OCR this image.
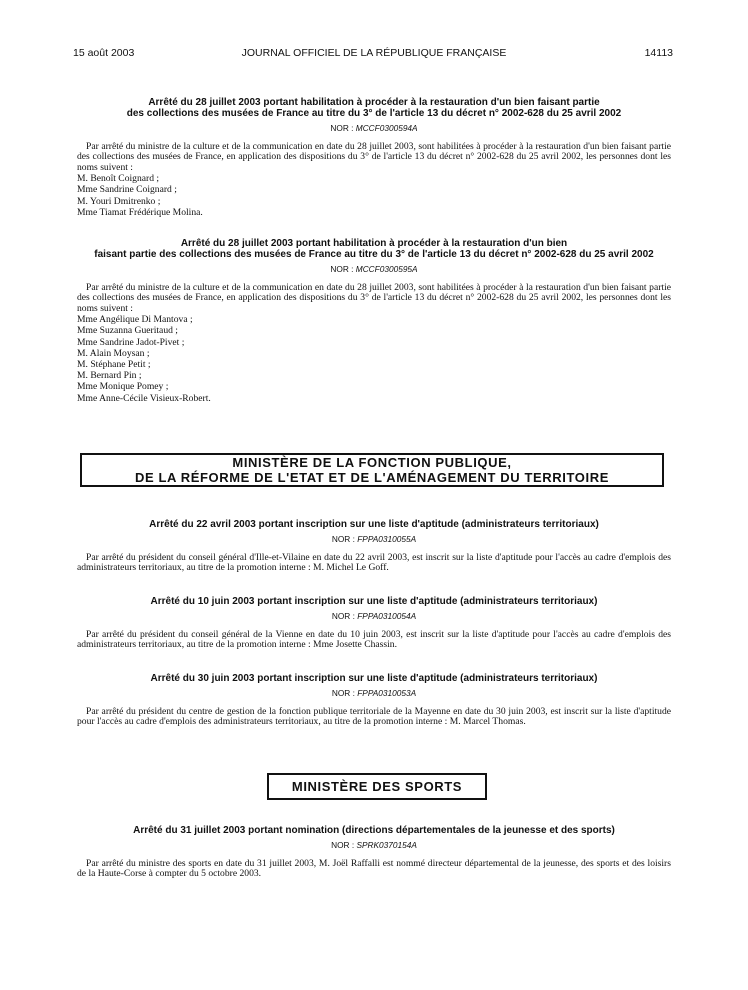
15 août 2003	JOURNAL OFFICIEL DE LA RÉPUBLIQUE FRANÇAISE	14113
Arrêté du 28 juillet 2003 portant habilitation à procéder à la restauration d'un bien faisant partie
des collections des musées de France au titre du 3° de l'article 13 du décret n° 2002-628 du 25 avril 2002
NOR : MCCF0300594A
Par arrêté du ministre de la culture et de la communication en date du 28 juillet 2003, sont habilitées à procéder à la restauration d'un bien faisant partie des collections des musées de France, en application des dispositions du 3° de l'article 13 du décret n° 2002-628 du 25 avril 2002, les personnes dont les noms suivent :
M. Benoît Coignard ;
Mme Sandrine Coignard ;
M. Youri Dmitrenko ;
Mme Tiamat Frédérique Molina.
Arrêté du 28 juillet 2003 portant habilitation à procéder à la restauration d'un bien
faisant partie des collections des musées de France au titre du 3° de l'article 13 du décret n° 2002-628 du 25 avril 2002
NOR : MCCF0300595A
Par arrêté du ministre de la culture et de la communication en date du 28 juillet 2003, sont habilitées à procéder à la restauration d'un bien faisant partie des collections des musées de France, en application des dispositions du 3° de l'article 13 du décret n° 2002-628 du 25 avril 2002, les personnes dont les noms suivent :
Mme Angélique Di Mantova ;
Mme Suzanna Gueritaud ;
Mme Sandrine Jadot-Pivet ;
M. Alain Moysan ;
M. Stéphane Petit ;
M. Bernard Pin ;
Mme Monique Pomey ;
Mme Anne-Cécile Visieux-Robert.
MINISTÈRE DE LA FONCTION PUBLIQUE,
DE LA RÉFORME DE L'ETAT ET DE L'AMÉNAGEMENT DU TERRITOIRE
Arrêté du 22 avril 2003 portant inscription sur une liste d'aptitude (administrateurs territoriaux)
NOR : FPPA0310055A
Par arrêté du président du conseil général d'Ille-et-Vilaine en date du 22 avril 2003, est inscrit sur la liste d'aptitude pour l'accès au cadre d'emplois des administrateurs territoriaux, au titre de la promotion interne : M. Michel Le Goff.
Arrêté du 10 juin 2003 portant inscription sur une liste d'aptitude (administrateurs territoriaux)
NOR : FPPA0310054A
Par arrêté du président du conseil général de la Vienne en date du 10 juin 2003, est inscrit sur la liste d'aptitude pour l'accès au cadre d'emplois des administrateurs territoriaux, au titre de la promotion interne : Mme Josette Chassin.
Arrêté du 30 juin 2003 portant inscription sur une liste d'aptitude (administrateurs territoriaux)
NOR : FPPA0310053A
Par arrêté du président du centre de gestion de la fonction publique territoriale de la Mayenne en date du 30 juin 2003, est inscrit sur la liste d'aptitude pour l'accès au cadre d'emplois des administrateurs territoriaux, au titre de la promotion interne : M. Marcel Thomas.
MINISTÈRE DES SPORTS
Arrêté du 31 juillet 2003 portant nomination (directions départementales de la jeunesse et des sports)
NOR : SPRK0370154A
Par arrêté du ministre des sports en date du 31 juillet 2003, M. Joël Raffalli est nommé directeur départemental de la jeunesse, des sports et des loisirs de la Haute-Corse à compter du 5 octobre 2003.
